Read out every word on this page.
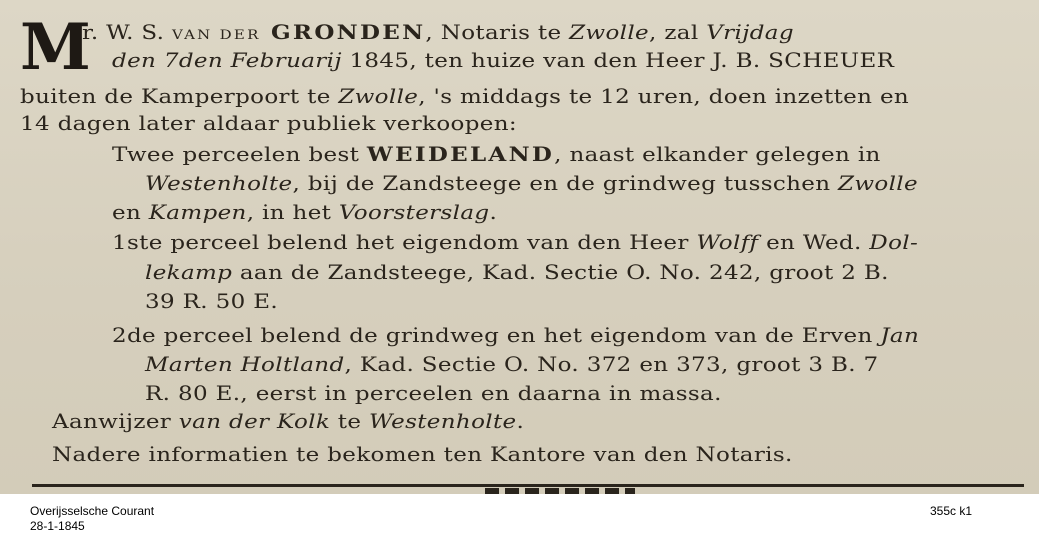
M
r. W. S. VAN DER GRONDEN, Notaris te Zwolle, zal Vrijdag
den 7den Februarij 1845, ten huize van den Heer J. B. SCHEUER
buiten de Kamperpoort te Zwolle, 's middags te 12 uren, doen inzetten en
14 dagen later aldaar publiek verkoopen:
Twee perceelen best WEIDELAND, naast elkander gelegen in
Westenholte, bij de Zandsteege en de grindweg tusschen Zwolle
en Kampen, in het Voorsterslag.
1ste perceel belend het eigendom van den Heer Wolff en Wed. Dol-
lekamp aan de Zandsteege, Kad. Sectie O. No. 242, groot 2 B.
39 R. 50 E.
2de perceel belend de grindweg en het eigendom van de Erven Jan
Marten Holtland, Kad. Sectie O. No. 372 en 373, groot 3 B. 7
R. 80 E., eerst in perceelen en daarna in massa.
Aanwijzer van der Kolk te Westenholte.
Nadere informatien te bekomen ten Kantore van den Notaris.
Overijsselsche Courant
28-1-1845
355c k1
